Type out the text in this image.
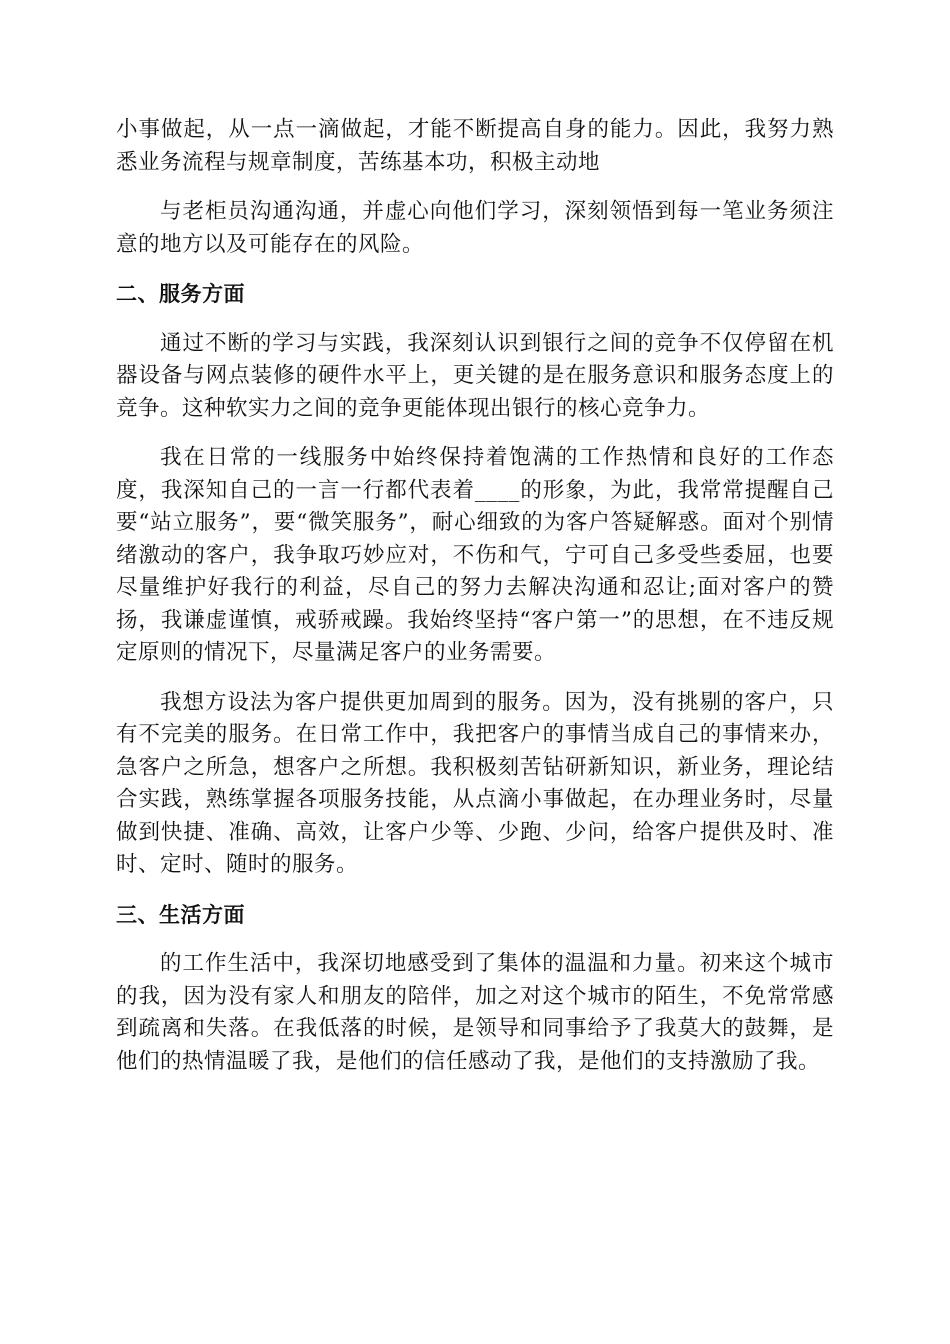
小事做起，从一点一滴做起，才能不断提高自身的能力。因此，我努力熟悉业务流程与规章制度，苦练基本功，积极主动地

与老柜员沟通沟通，并虚心向他们学习，深刻领悟到每一笔业务须注意的地方以及可能存在的风险。

二、服务方面

通过不断的学习与实践，我深刻认识到银行之间的竞争不仅停留在机器设备与网点装修的硬件水平上，更关键的是在服务意识和服务态度上的竞争。这种软实力之间的竞争更能体现出银行的核心竞争力。

我在日常的一线服务中始终保持着饱满的工作热情和良好的工作态度，我深知自己的一言一行都代表着____的形象，为此，我常常提醒自己要“站立服务”，要“微笑服务”，耐心细致的为客户答疑解惑。面对个别情绪激动的客户，我争取巧妙应对，不伤和气，宁可自己多受些委屈，也要尽量维护好我行的利益，尽自己的努力去解决沟通和忍让;面对客户的赞扬，我谦虚谨慎，戒骄戒躁。我始终坚持“客户第一”的思想，在不违反规定原则的情况下，尽量满足客户的业务需要。

我想方设法为客户提供更加周到的服务。因为，没有挑剔的客户，只有不完美的服务。在日常工作中，我把客户的事情当成自己的事情来办，急客户之所急，想客户之所想。我积极刻苦钻研新知识，新业务，理论结合实践，熟练掌握各项服务技能，从点滴小事做起，在办理业务时，尽量做到快捷、准确、高效，让客户少等、少跑、少问，给客户提供及时、准时、定时、随时的服务。

三、生活方面

的工作生活中，我深切地感受到了集体的温温和力量。初来这个城市的我，因为没有家人和朋友的陪伴，加之对这个城市的陌生，不免常常感到疏离和失落。在我低落的时候，是领导和同事给予了我莫大的鼓舞，是他们的热情温暖了我，是他们的信任感动了我，是他们的支持激励了我。
